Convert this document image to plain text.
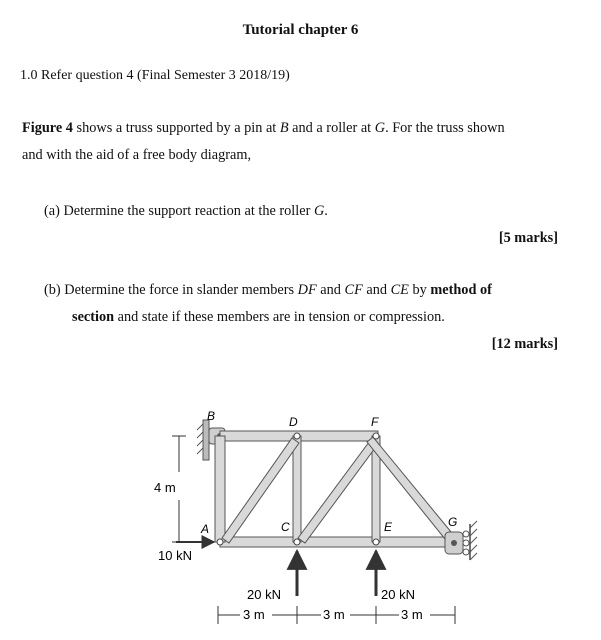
Tutorial chapter 6
1.0 Refer question 4 (Final Semester 3 2018/19)
Figure 4 shows a truss supported by a pin at B and a roller at G. For the truss shown
and with the aid of a free body diagram,
(a) Determine the support reaction at the roller G.
[5 marks]
(b) Determine the force in slander members DF and CF and CE by method of
section and state if these members are in tension or compression.
[12 marks]
B	D	F
A	C	E	G
4 m
10 kN
20 kN	20 kN
3 m	3 m	3 m
